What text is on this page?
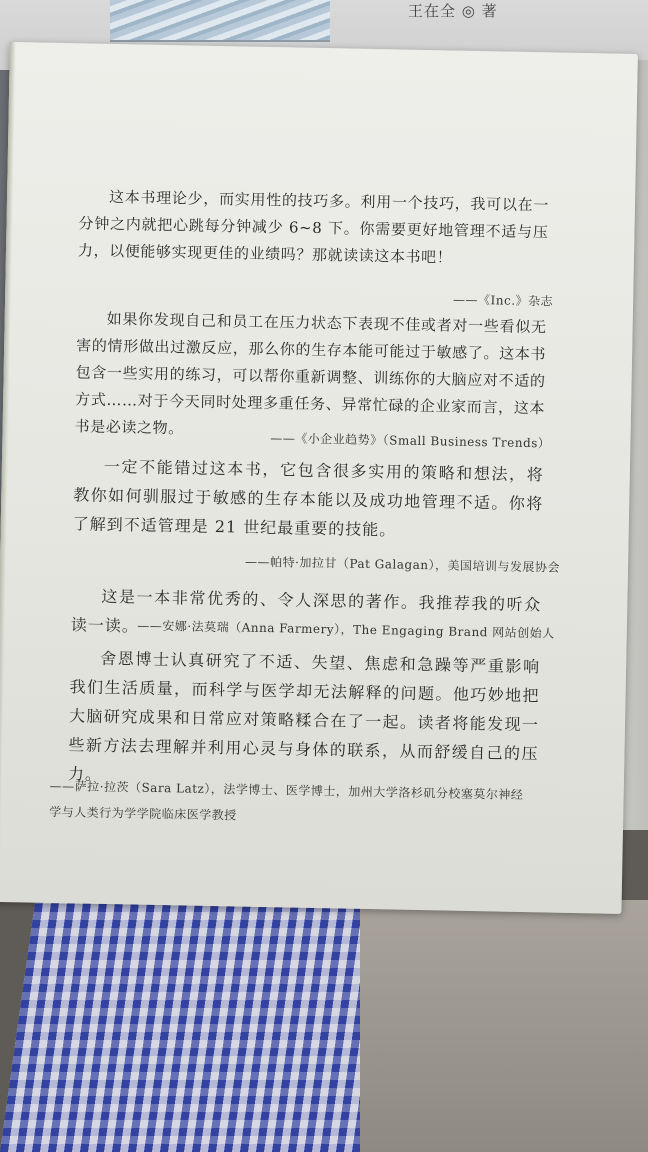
王在全 ◎ 著

这本书理论少，而实用性的技巧多。利用一个技巧，我可以在一分钟之内就把心跳每分钟减少 6~8 下。你需要更好地管理不适与压力，以便能够实现更佳的业绩吗？那就读读这本书吧！

——《Inc.》杂志

如果你发现自己和员工在压力状态下表现不佳或者对一些看似无害的情形做出过激反应，那么你的生存本能可能过于敏感了。这本书包含一些实用的练习，可以帮你重新调整、训练你的大脑应对不适的方式……对于今天同时处理多重任务、异常忙碌的企业家而言，这本书是必读之物。

——《小企业趋势》（Small Business Trends）

一定不能错过这本书，它包含很多实用的策略和想法，将教你如何驯服过于敏感的生存本能以及成功地管理不适。你将了解到不适管理是 21 世纪最重要的技能。

——帕特·加拉甘（Pat Galagan），美国培训与发展协会

这是一本非常优秀的、令人深思的著作。我推荐我的听众读一读。

——安娜·法莫瑞（Anna Farmery），The Engaging Brand 网站创始人

舍恩博士认真研究了不适、失望、焦虑和急躁等严重影响我们生活质量，而科学与医学却无法解释的问题。他巧妙地把大脑研究成果和日常应对策略糅合在了一起。读者将能发现一些新方法去理解并利用心灵与身体的联系，从而舒缓自己的压力。

——萨拉·拉茨（Sara Latz），法学博士、医学博士，加州大学洛杉矶分校塞莫尔神经学与人类行为学学院临床医学教授
